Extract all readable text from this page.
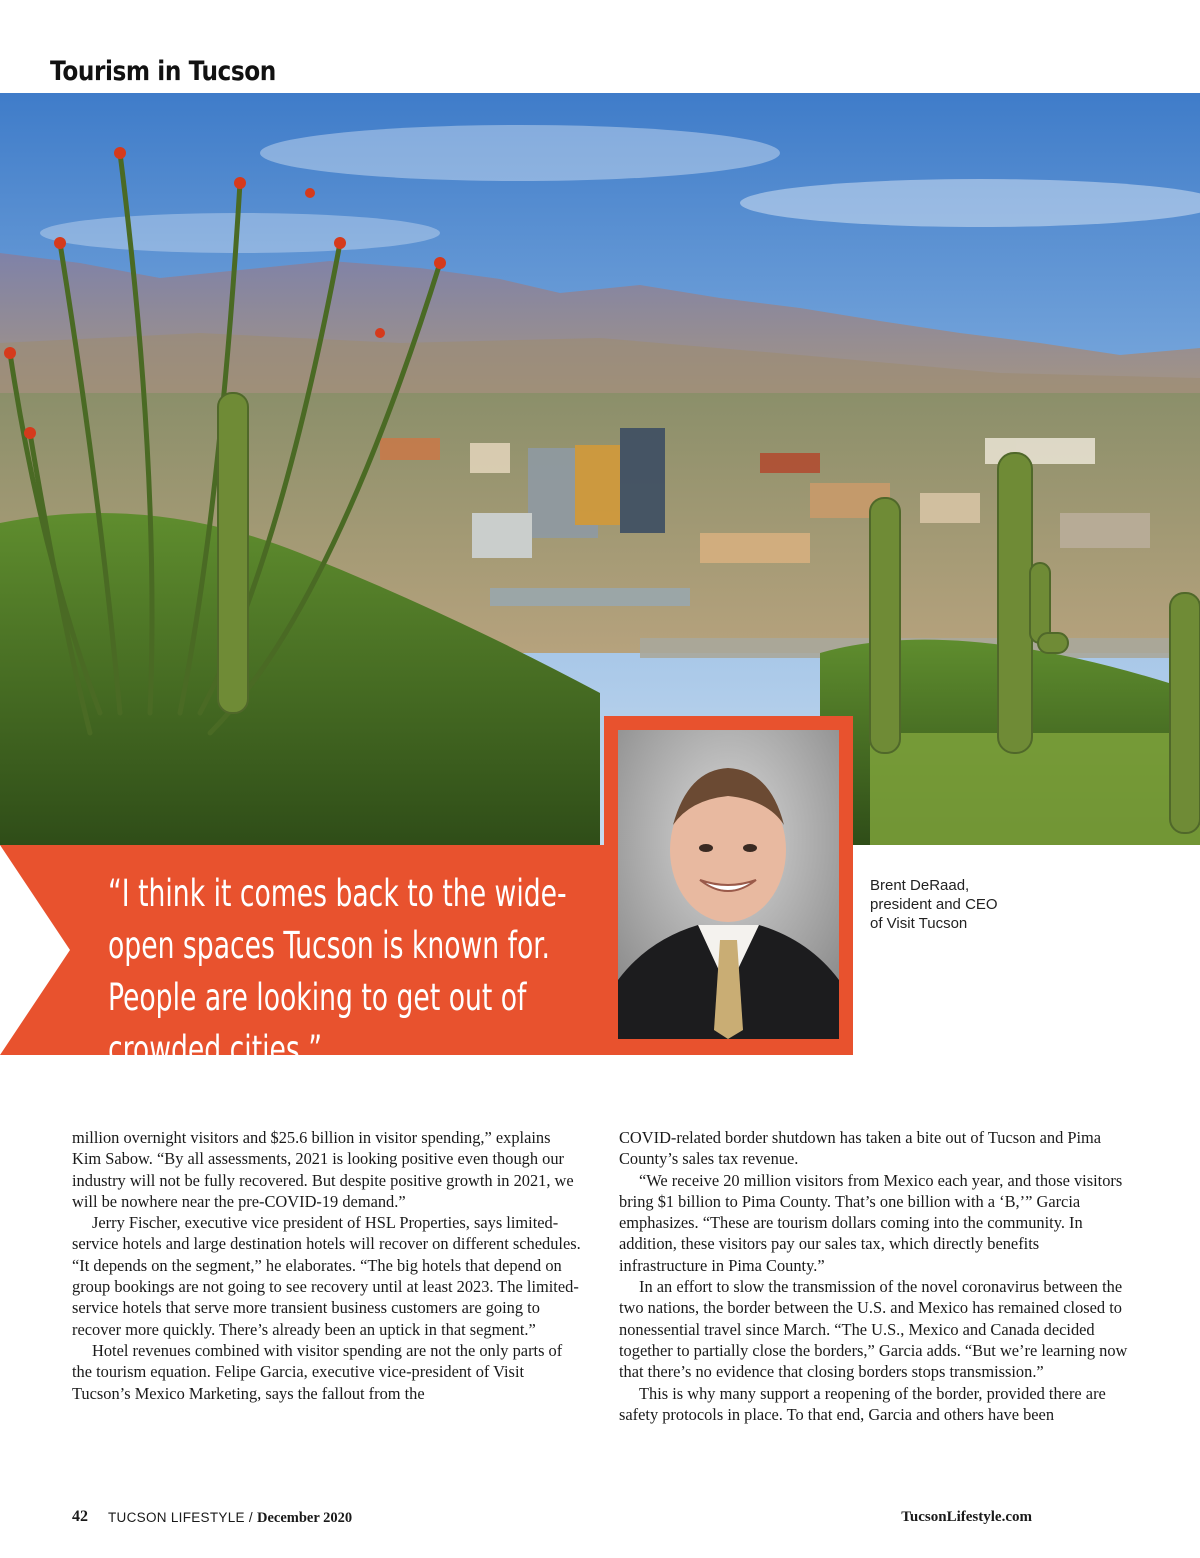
Tourism in Tucson
“I think it comes back to the wide-open spaces Tucson is known for. People are looking to get out of crowded cities.”
Brent DeRaad,
president and CEO
of Visit Tucson

million overnight visitors and $25.6 billion in visitor spending,” explains Kim Sabow. “By all assessments, 2021 is looking positive even though our industry will not be fully recovered. But despite positive growth in 2021, we will be nowhere near the pre-COVID-19 demand.”

Jerry Fischer, executive vice president of HSL Properties, says limited-service hotels and large destination hotels will recover on different schedules. “It depends on the segment,” he elaborates. “The big hotels that depend on group bookings are not going to see recovery until at least 2023. The limited-service hotels that serve more transient business customers are going to recover more quickly. There’s already been an uptick in that segment.”

Hotel revenues combined with visitor spending are not the only parts of the tourism equation. Felipe Garcia, executive vice-president of Visit Tucson’s Mexico Marketing, says the fallout from the

COVID-related border shutdown has taken a bite out of Tucson and Pima County’s sales tax revenue.

“We receive 20 million visitors from Mexico each year, and those visitors bring $1 billion to Pima County. That’s one billion with a ‘B,’” Garcia emphasizes. “These are tourism dollars coming into the community. In addition, these visitors pay our sales tax, which directly benefits infrastructure in Pima County.”

In an effort to slow the transmission of the novel coronavirus between the two nations, the border between the U.S. and Mexico has remained closed to nonessential travel since March. “The U.S., Mexico and Canada decided together to partially close the borders,” Garcia adds. “But we’re learning now that there’s no evidence that closing borders stops transmission.”

This is why many support a reopening of the border, provided there are safety protocols in place. To that end, Garcia and others have been

42 TUCSON LIFESTYLE / December 2020	TucsonLifestyle.com
